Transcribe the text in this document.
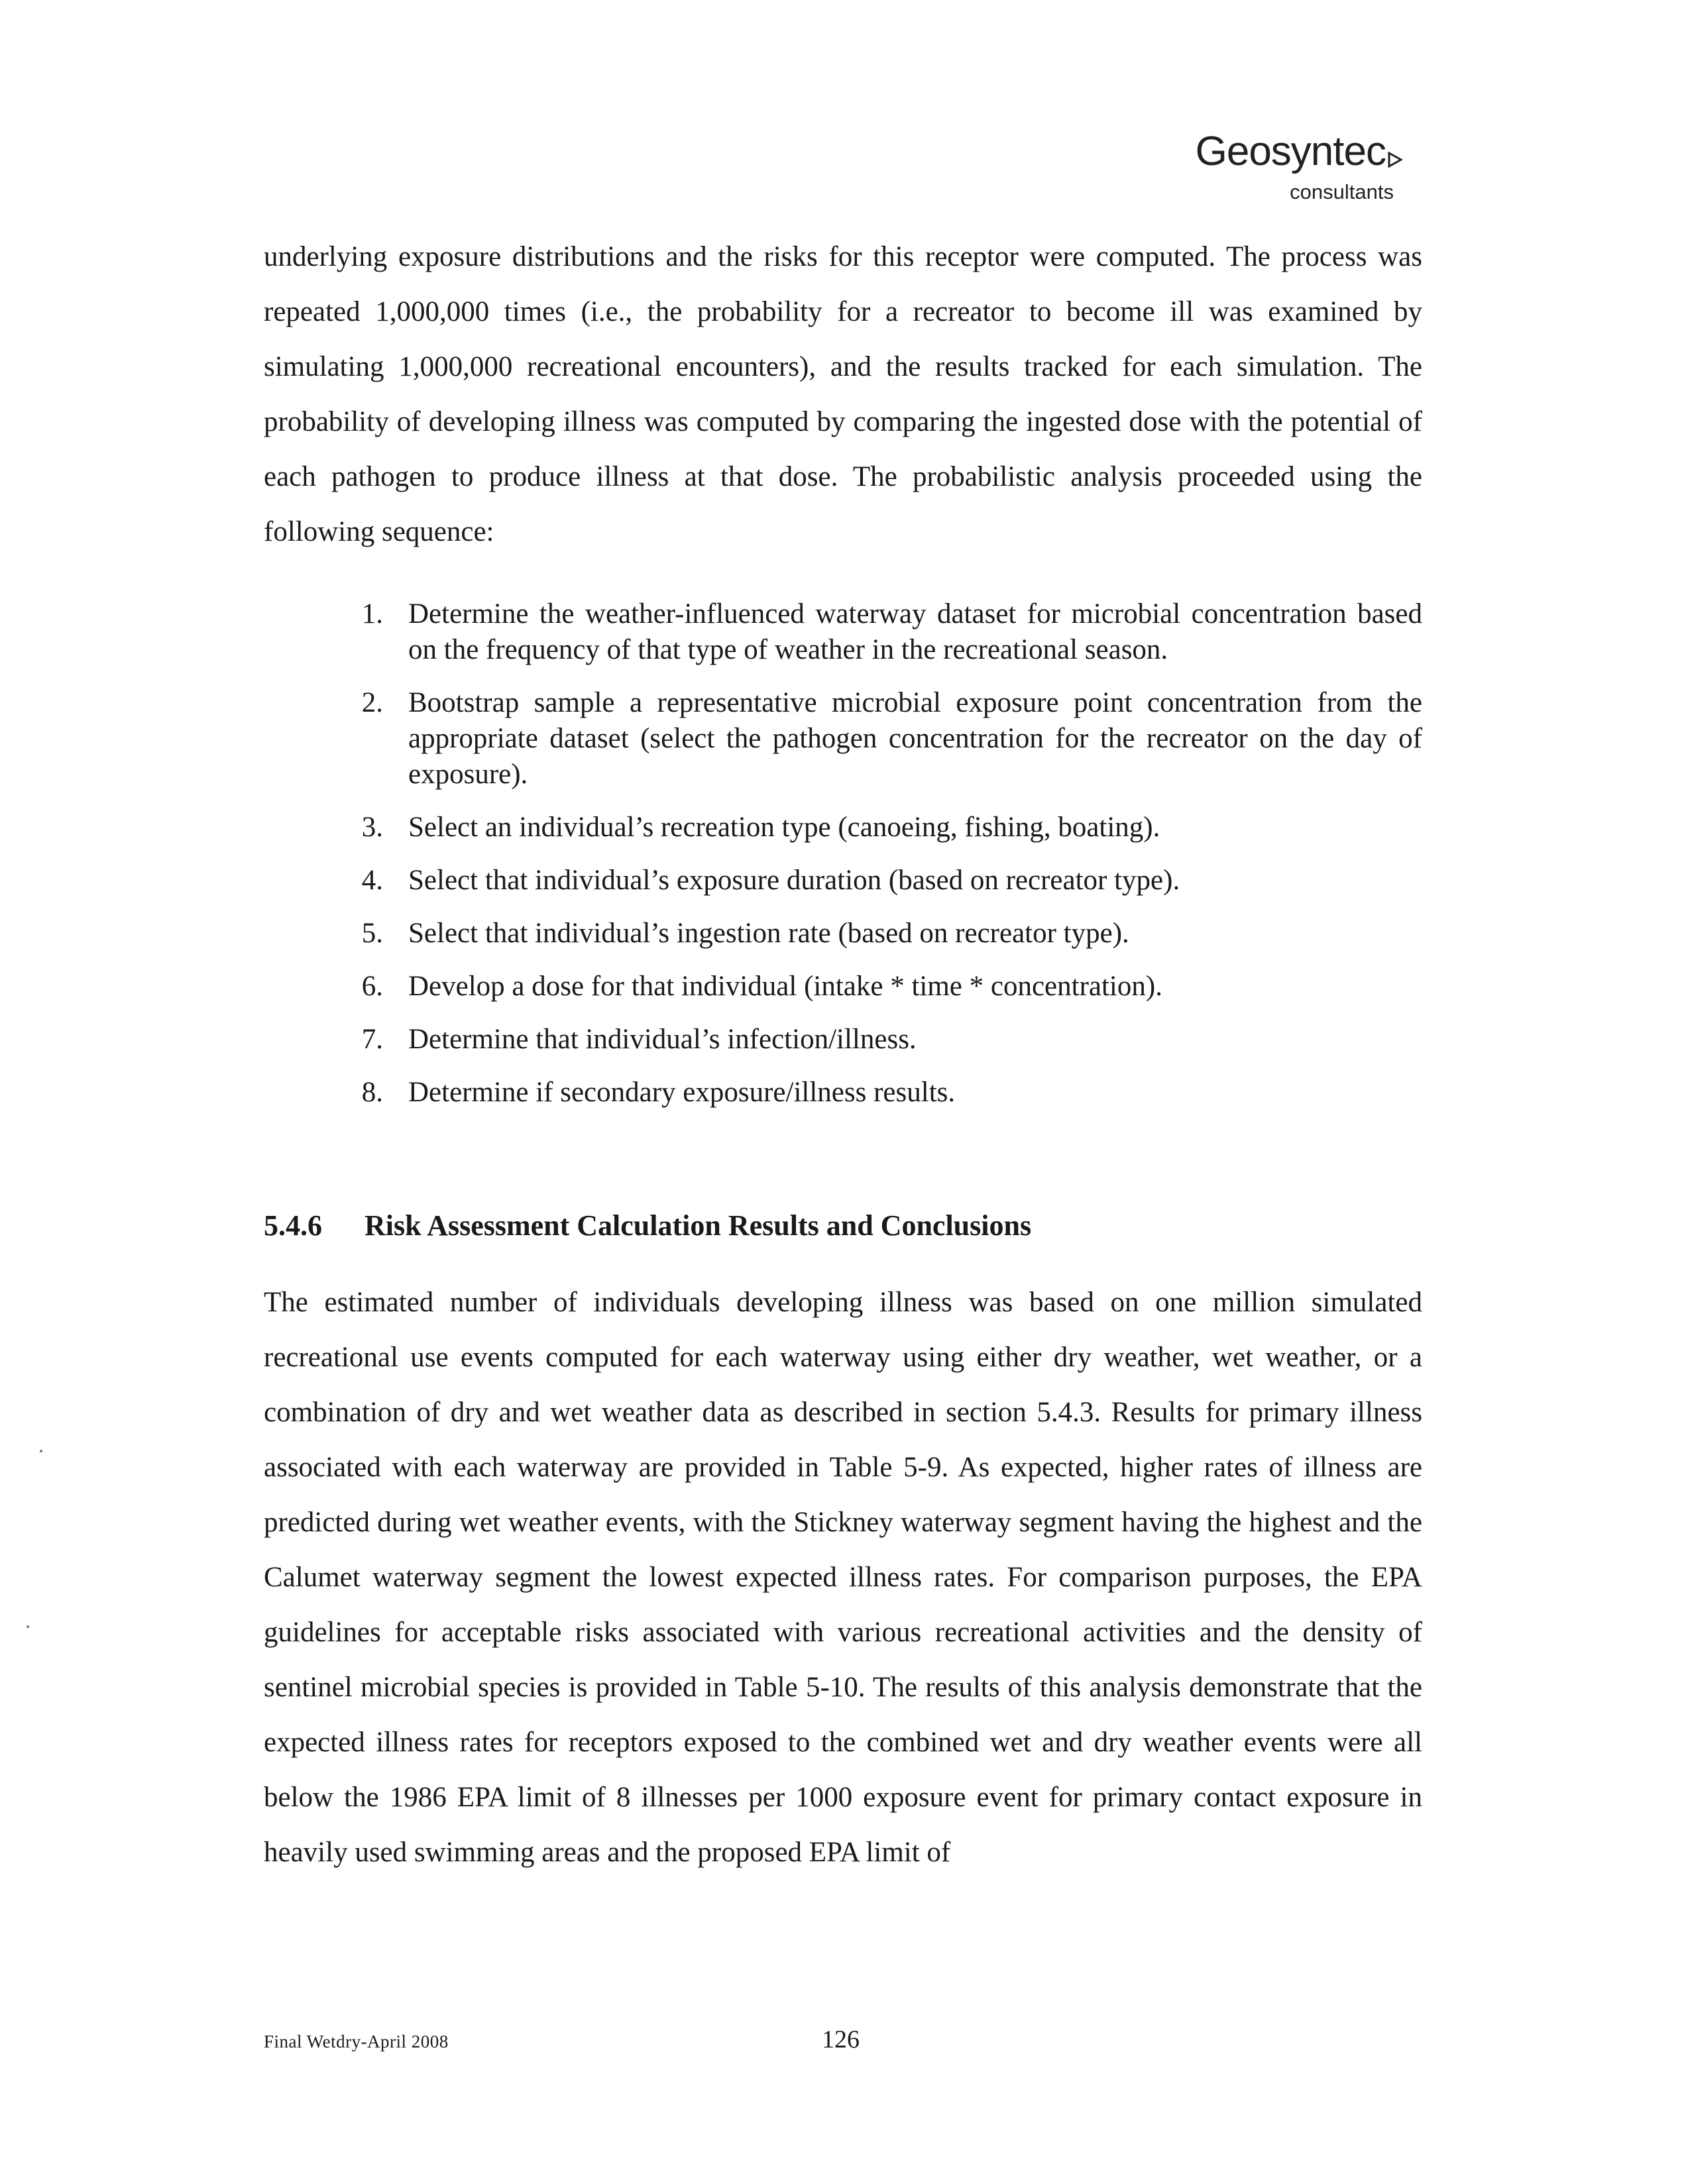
Geosyntec
consultants

underlying exposure distributions and the risks for this receptor were computed. The process was repeated 1,000,000 times (i.e., the probability for a recreator to become ill was examined by simulating 1,000,000 recreational encounters), and the results tracked for each simulation. The probability of developing illness was computed by comparing the ingested dose with the potential of each pathogen to produce illness at that dose. The probabilistic analysis proceeded using the following sequence:

1. Determine the weather-influenced waterway dataset for microbial concentration based on the frequency of that type of weather in the recreational season.
2. Bootstrap sample a representative microbial exposure point concentration from the appropriate dataset (select the pathogen concentration for the recreator on the day of exposure).
3. Select an individual’s recreation type (canoeing, fishing, boating).
4. Select that individual’s exposure duration (based on recreator type).
5. Select that individual’s ingestion rate (based on recreator type).
6. Develop a dose for that individual (intake * time * concentration).
7. Determine that individual’s infection/illness.
8. Determine if secondary exposure/illness results.
5.4.6 Risk Assessment Calculation Results and Conclusions

The estimated number of individuals developing illness was based on one million simulated recreational use events computed for each waterway using either dry weather, wet weather, or a combination of dry and wet weather data as described in section 5.4.3. Results for primary illness associated with each waterway are provided in Table 5-9. As expected, higher rates of illness are predicted during wet weather events, with the Stickney waterway segment having the highest and the Calumet waterway segment the lowest expected illness rates. For comparison purposes, the EPA guidelines for acceptable risks associated with various recreational activities and the density of sentinel microbial species is provided in Table 5-10. The results of this analysis demonstrate that the expected illness rates for receptors exposed to the combined wet and dry weather events were all below the 1986 EPA limit of 8 illnesses per 1000 exposure event for primary contact exposure in heavily used swimming areas and the proposed EPA limit of

Final Wetdry-April 2008	126
